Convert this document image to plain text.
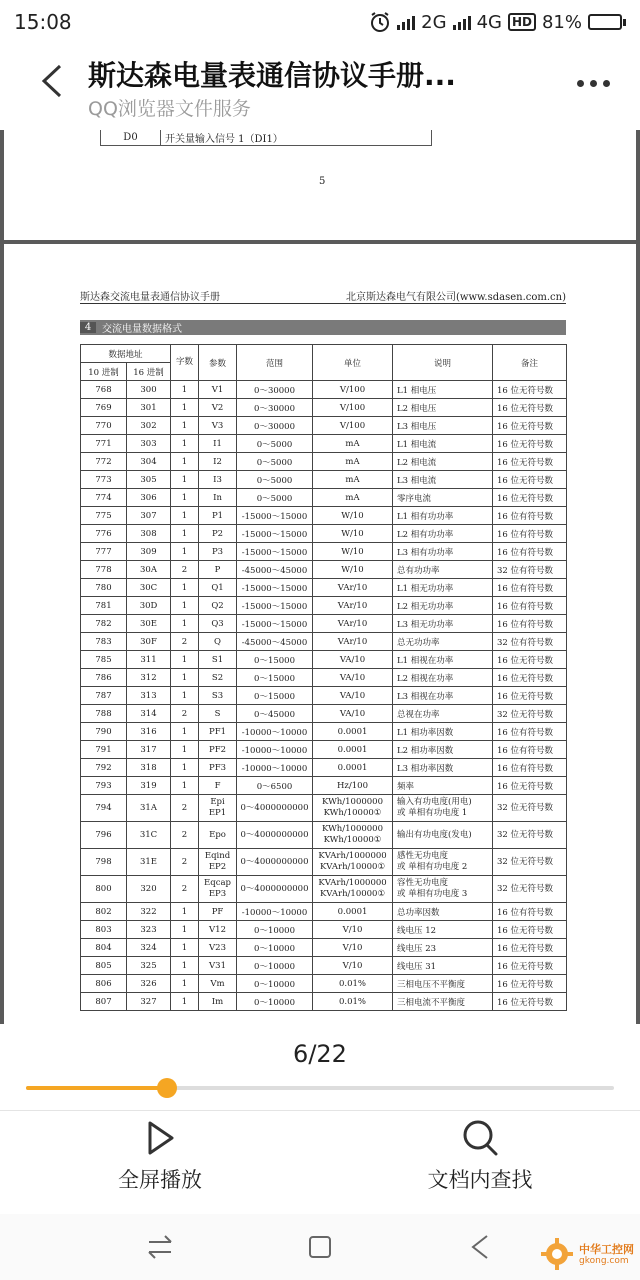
15:08	2G 4G HD 81%
斯达森电量表通信协议手册...
QQ浏览器文件服务
D0	开关量输入信号 1（DI1）
5
斯达森交流电量表通信协议手册	北京斯达森电气有限公司(www.sdasen.com.cn)
4	交流电量数据格式
数据地址		字数	参数	范围	单位	说明	备注
10 进制	16 进制						
768	300	1	V1	0～30000	V/100	L1 相电压	16 位无符号数
769	301	1	V2	0～30000	V/100	L2 相电压	16 位无符号数
770	302	1	V3	0～30000	V/100	L3 相电压	16 位无符号数
771	303	1	I1	0～5000	mA	L1 相电流	16 位无符号数
772	304	1	I2	0～5000	mA	L2 相电流	16 位无符号数
773	305	1	I3	0～5000	mA	L3 相电流	16 位无符号数
774	306	1	In	0～5000	mA	零序电流	16 位无符号数
775	307	1	P1	-15000～15000	W/10	L1 相有功功率	16 位有符号数
776	308	1	P2	-15000～15000	W/10	L2 相有功功率	16 位有符号数
777	309	1	P3	-15000～15000	W/10	L3 相有功功率	16 位有符号数
778	30A	2	P	-45000～45000	W/10	总有功功率	32 位有符号数
780	30C	1	Q1	-15000～15000	VAr/10	L1 相无功功率	16 位有符号数
781	30D	1	Q2	-15000～15000	VAr/10	L2 相无功功率	16 位有符号数
782	30E	1	Q3	-15000～15000	VAr/10	L3 相无功功率	16 位有符号数
783	30F	2	Q	-45000～45000	VAr/10	总无功功率	32 位有符号数
785	311	1	S1	0～15000	VA/10	L1 相视在功率	16 位无符号数
786	312	1	S2	0～15000	VA/10	L2 相视在功率	16 位无符号数
787	313	1	S3	0～15000	VA/10	L3 相视在功率	16 位无符号数
788	314	2	S	0～45000	VA/10	总视在功率	32 位无符号数
790	316	1	PF1	-10000～10000	0.0001	L1 相功率因数	16 位有符号数
791	317	1	PF2	-10000～10000	0.0001	L2 相功率因数	16 位有符号数
792	318	1	PF3	-10000～10000	0.0001	L3 相功率因数	16 位有符号数
793	319	1	F	0～6500	Hz/100	频率	16 位无符号数
794	31A	2	Epi
EP1	0～4000000000	KWh/1000000
KWh/10000①	输入有功电度(用电)
或 单相有功电度 1	32 位无符号数
796	31C	2	Epo	0～4000000000	KWh/1000000
KWh/10000①	输出有功电度(发电)	32 位无符号数
798	31E	2	Eqind
EP2	0～4000000000	KVArh/1000000
KVArh/10000①	感性无功电度
或 单相有功电度 2	32 位无符号数
800	320	2	Eqcap
EP3	0～4000000000	KVArh/1000000
KVArh/10000①	容性无功电度
或 单相有功电度 3	32 位无符号数
802	322	1	PF	-10000～10000	0.0001	总功率因数	16 位有符号数
803	323	1	V12	0～10000	V/10	线电压 12	16 位无符号数
804	324	1	V23	0～10000	V/10	线电压 23	16 位无符号数
805	325	1	V31	0～10000	V/10	线电压 31	16 位无符号数
806	326	1	Vm	0～10000	0.01%	三相电压不平衡度	16 位无符号数
807	327	1	Im	0～10000	0.01%	三相电流不平衡度	16 位无符号数
6/22
全屏播放	文档内查找
中华工控网
gkong.com
